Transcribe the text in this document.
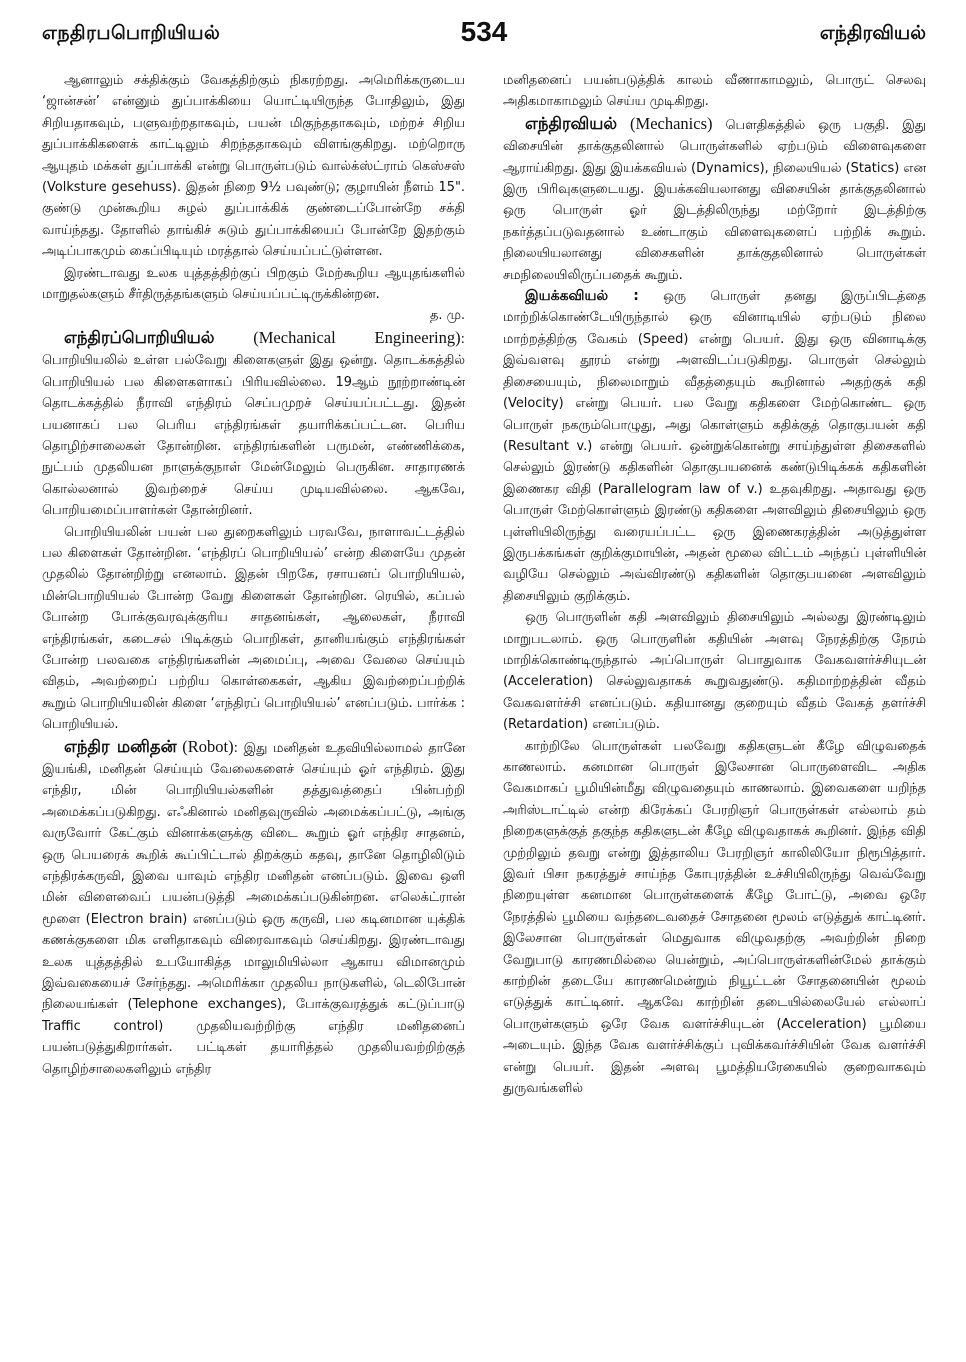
எநதிரபபொறியியல்	534	எந்திரவியல்

ஆனாலும் சக்திக்கும் வேகத்திற்கும் நிகரற்றது. அமெரிக்கருடைய ‘ஜான்சன்’ என்னும் துப்பாக்கியை யொட்டியிருந்த போதிலும், இது சிறியதாகவும், பளுவற்றதாகவும், பயன் மிகுந்ததாகவும், மற்றச் சிறிய துப்பாக்கிகளைக் காட்டிலும் சிறந்ததாகவும் விளங்குகிறது. மற்றொரு ஆயுதம் மக்கள் துப்பாக்கி என்று பொருள்படும் வால்க்ஸ்ட்ராம் கெஸ்சஸ் (Volksture gesehuss). இதன் நிறை 9½ பவுண்டு; குழாயின் நீளம் 15". குண்டு முன்கூறிய சுழல் துப்பாக்கிக் குண்டைப்போன்றே சக்தி வாய்ந்தது. தோளில் தாங்கிச் சுடும் துப்பாக்கியைப் போன்றே இதற்கும் அடிப்பாகமும் கைப்பிடியும் மரத்தால் செய்யப்பட்டுள்ளன.

இரண்டாவது உலக யுத்தத்திற்குப் பிறகும் மேற்கூறிய ஆயுதங்களில் மாறுதல்களும் சீர்திருத்தங்களும் செய்யப்பட்டிருக்கின்றன.

த. மு.

எந்திரப்பொறியியல் (Mechanical Engineering): பொறியியலில் உள்ள பல்வேறு கிளைகளுள் இது ஒன்று. தொடக்கத்தில் பொறியியல் பல கிளைகளாகப் பிரியவில்லை. 19ஆம் நூற்றாண்டின் தொடக்கத்தில் நீராவி எந்திரம் செப்பமுறச் செய்யப்பட்டது. இதன் பயனாகப் பல பெரிய எந்திரங்கள் தயாரிக்கப்பட்டன. பெரிய தொழிற்சாலைகள் தோன்றின. எந்திரங்களின் பருமன், எண்ணிக்கை, நுட்பம் முதலியன நாளுக்குநாள் மேன்மேலும் பெருகின. சாதாரணக் கொல்லனால் இவற்றைச் செய்ய முடியவில்லை. ஆகவே, பொறியமைப்பாளர்கள் தோன்றினர்.

பொறியியலின் பயன் பல துறைகளிலும் பரவவே, நாளாவட்டத்தில் பல கிளைகள் தோன்றின. ‘எந்திரப் பொறியியல்’ என்ற கிளையே முதன் முதலில் தோன்றிற்று எனலாம். இதன் பிறகே, ரசாயனப் பொறியியல், மின்பொறியியல் போன்ற வேறு கிளைகள் தோன்றின. ரெயில், கப்பல் போன்ற போக்குவரவுக்குரிய சாதனங்கள், ஆலைகள், நீராவி எந்திரங்கள், கடைசல் பிடிக்கும் பொறிகள், தானியங்கும் எந்திரங்கள் போன்ற பலவகை எந்திரங்களின் அமைப்பு, அவை வேலை செய்யும் விதம், அவற்றைப் பற்றிய கொள்கைகள், ஆகிய இவற்றைப்பற்றிக் கூறும் பொறியியலின் கிளை ‘எந்திரப் பொறியியல்’ எனப்படும். பார்க்க : பொறியியல்.

எந்திர மனிதன் (Robot): இது மனிதன் உதவியில்லாமல் தானே இயங்கி, மனிதன் செய்யும் வேலைகளைச் செய்யும் ஓர் எந்திரம். இது எந்திர, மின் பொறியியல்களின் தத்துவத்தைப் பின்பற்றி அமைக்கப்படுகிறது. எஃகினால் மனிதவுருவில் அமைக்கப்பட்டு, அங்கு வருவோர் கேட்கும் வினாக்களுக்கு விடை கூறும் ஓர் எந்திர சாதனம், ஒரு பெயரைக் கூறிக் கூப்பிட்டால் திறக்கும் கதவு, தானே தொழிலிடும் எந்திரக்கருவி, இவை யாவும் எந்திர மனிதன் எனப்படும். இவை ஒளி மின் விளைவைப் பயன்படுத்தி அமைக்கப்படுகின்றன. எலெக்ட்ரான் மூளை (Electron brain) எனப்படும் ஒரு கருவி, பல கடினமான யுக்திக் கணக்குகளை மிக எளிதாகவும் விரைவாகவும் செய்கிறது. இரண்டாவது உலக யுத்தத்தில் உபயோகித்த மாலுமியில்லா ஆகாய விமானமும் இவ்வகையைச் சேர்ந்தது. அமெரிக்கா முதலிய நாடுகளில், டெலிபோன் நிலையங்கள் (Telephone exchanges), போக்குவரத்துக் கட்டுப்பாடு Traffic control) முதலியவற்றிற்கு எந்திர மனிதனைப் பயன்படுத்துகிறார்கள். பட்டிகள் தயாரித்தல் முதலியவற்றிற்குத் தொழிற்சாலைகளிலும் எந்திர

மனிதனைப் பயன்படுத்திக் காலம் வீணாகாமலும், பொருட் செலவு அதிகமாகாமலும் செய்ய முடிகிறது.

எந்திரவியல் (Mechanics) பௌதிகத்தில் ஒரு பகுதி. இது விசையின் தாக்குதலினால் பொருள்களில் ஏற்படும் விளைவுகளை ஆராய்கிறது. இது இயக்கவியல் (Dynamics), நிலையியல் (Statics) என இரு பிரிவுகளுடையது. இயக்கவியலானது விசையின் தாக்குதலினால் ஒரு பொருள் ஓர் இடத்திலிருந்து மற்றோர் இடத்திற்கு நகர்த்தப்படுவதனால் உண்டாகும் விளைவுகளைப் பற்றிக் கூறும். நிலையியலானது விசைகளின் தாக்குதலினால் பொருள்கள் சமநிலையிலிருப்பதைக் கூறும்.

இயக்கவியல் : ஒரு பொருள் தனது இருப்பிடத்தை மாற்றிக்கொண்டேயிருந்தால் ஒரு வினாடியில் ஏற்படும் நிலை மாற்றத்திற்கு வேகம் (Speed) என்று பெயர். இது ஒரு வினாடிக்கு இவ்வளவு தூரம் என்று அளவிடப்படுகிறது. பொருள் செல்லும் திசையையும், நிலைமாறும் வீதத்தையும் கூறினால் அதற்குக் கதி (Velocity) என்று பெயர். பல வேறு கதிகளை மேற்கொண்ட ஒரு பொருள் நகரும்பொழுது, அது கொள்ளும் கதிக்குத் தொகுபயன் கதி (Resultant v.) என்று பெயர். ஒன்றுக்கொன்று சாய்ந்துள்ள திசைகளில் செல்லும் இரண்டு கதிகளின் தொகுபயனைக் கண்டுபிடிக்கக் கதிகளின் இணைகர விதி (Parallelogram law of v.) உதவுகிறது. அதாவது ஒரு பொருள் மேற்கொள்ளும் இரண்டு கதிகளை அளவிலும் திசையிலும் ஒரு புள்ளியிலிருந்து வரையப்பட்ட ஒரு இணைகரத்தின் அடுத்துள்ள இருபக்கங்கள் குறிக்குமாயின், அதன் மூலை விட்டம் அந்தப் புள்ளியின் வழியே செல்லும் அவ்விரண்டு கதிகளின் தொகுபயனை அளவிலும் திசையிலும் குறிக்கும்.

ஒரு பொருளின் கதி அளவிலும் திசையிலும் அல்லது இரண்டிலும் மாறுபடலாம். ஒரு பொருளின் கதியின் அளவு நேரத்திற்கு நேரம் மாறிக்கொண்டிருந்தால் அப்பொருள் பொதுவாக வேகவளர்ச்சியுடன் (Acceleration) செல்லுவதாகக் கூறுவதுண்டு. கதிமாற்றத்தின் வீதம் வேகவளர்ச்சி எனப்படும். கதியானது குறையும் வீதம் வேகத் தளர்ச்சி (Retardation) எனப்படும்.

காற்றிலே பொருள்கள் பலவேறு கதிகளுடன் கீழே விழுவதைக் காணலாம். கனமான பொருள் இலேசான பொருளைவிட அதிக வேகமாகப் பூமியின்மீது விழுவதையும் காணலாம். இவைகளை யறிந்த அரிஸ்டாட்டில் என்ற கிரேக்கப் பேரறிஞர் பொருள்கள் எல்லாம் தம் நிறைகளுக்குத் தகுந்த கதிகளுடன் கீழே விழுவதாகக் கூறினர். இந்த விதி முற்றிலும் தவறு என்று இத்தாலிய பேரறிஞர் காலிலியோ நிரூபித்தார். இவர் பிசா நகரத்துச் சாய்ந்த கோபுரத்தின் உச்சியிலிருந்து வெவ்வேறு நிறையுள்ள கனமான பொருள்களைக் கீழே போட்டு, அவை ஒரே நேரத்தில் பூமியை வந்தடைவதைச் சோதனை மூலம் எடுத்துக் காட்டினர். இலேசான பொருள்கள் மெதுவாக விழுவதற்கு அவற்றின் நிறை வேறுபாடு காரணமில்லை யென்றும், அப்பொருள்களின்மேல் தாக்கும் காற்றின் தடையே காரணமென்றும் நியூட்டன் சோதனையின் மூலம் எடுத்துக் காட்டினர். ஆகவே காற்றின் தடையில்லையேல் எல்லாப் பொருள்களும் ஒரே வேக வளர்ச்சியுடன் (Acceleration) பூமியை அடையும். இந்த வேக வளர்ச்சிக்குப் புவிக்கவர்ச்சியின் வேக வளர்ச்சி என்று பெயர். இதன் அளவு பூமத்தியரேகையில் குறைவாகவும் துருவங்களில்
